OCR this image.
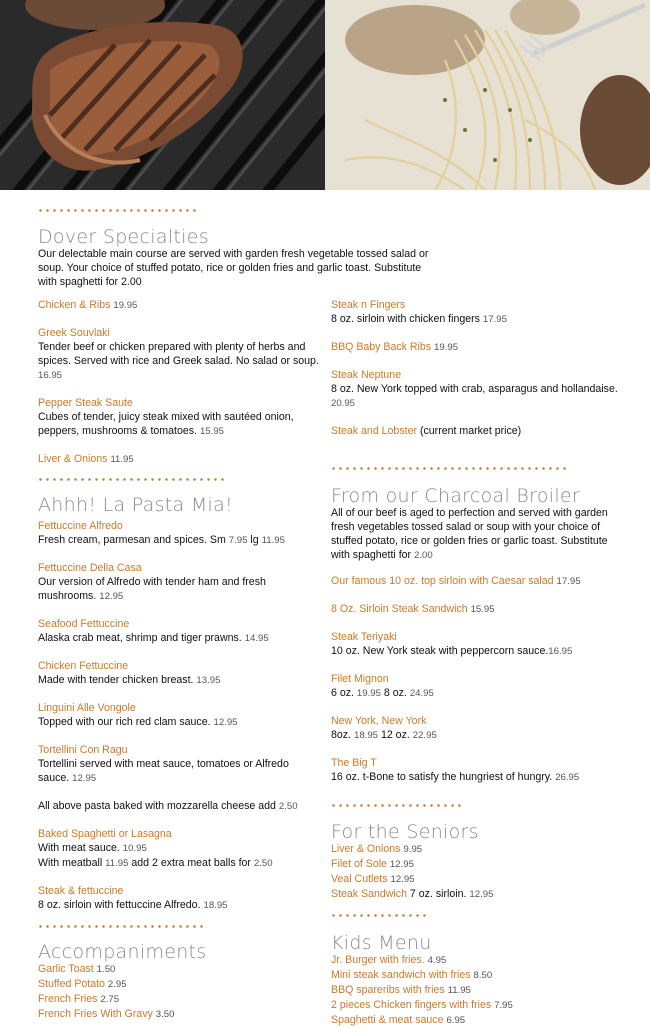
Dover Specialties
Our delectable main course are served with garden fresh vegetable tossed salad or soup. Your choice of stuffed potato, rice or golden fries and garlic toast. Substitute with spaghetti for 2.00
Chicken & Ribs 19.95
Greek Souvlaki
Tender beef or chicken prepared with plenty of herbs and spices. Served with rice and Greek salad. No salad or soup. 16.95
Pepper Steak Saute
Cubes of tender, juicy steak mixed with sautéed onion, peppers, mushrooms & tomatoes. 15.95
Liver & Onions 11.95
Steak n Fingers
8 oz. sirloin with chicken fingers 17.95
BBQ Baby Back Ribs 19.95
Steak Neptune
8 oz. New York topped with crab, asparagus and hollandaise. 20.95
Steak and Lobster (current market price)
Ahhh! La Pasta Mia!
Fettuccine Alfredo
Fresh cream, parmesan and spices. Sm 7.95 lg 11.95
Fettuccine Della Casa
Our version of Alfredo with tender ham and fresh mushrooms. 12.95
Seafood Fettuccine
Alaska crab meat, shrimp and tiger prawns. 14.95
Chicken Fettuccine
Made with tender chicken breast. 13.95
Linguini Alle Vongole
Topped with our rich red clam sauce. 12.95
Tortellini Con Ragu
Tortellini served with meat sauce, tomatoes or Alfredo sauce. 12.95
All above pasta baked with mozzarella cheese add 2.50
Baked Spaghetti or Lasagna
With meat sauce. 10.95
With meatball 11.95 add 2 extra meat balls for 2.50
Steak & fettuccine
8 oz. sirloin with fettuccine Alfredo. 18.95
From our Charcoal Broiler
All of our beef is aged to perfection and served with garden fresh vegetables tossed salad or soup with your choice of stuffed potato, rice or golden fries or garlic toast. Substitute with spaghetti for 2.00
Our famous 10 oz. top sirloin with Caesar salad 17.95
8 Oz. Sirloin Steak Sandwich 15.95
Steak Teriyaki
10 oz. New York steak with peppercorn sauce.16.95
Filet Mignon
6 oz. 19.95 8 oz. 24.95
New York, New York
8oz. 18.95 12 oz. 22.95
The Big T
16 oz. t-Bone to satisfy the hungriest of hungry. 26.95
For the Seniors
Liver & Onions 9.95
Filet of Sole 12.95
Veal Cutlets 12.95
Steak Sandwich 7 oz. sirloin. 12.95
Accompaniments
Garlic Toast 1.50
Stuffed Potato 2.95
French Fries 2.75
French Fries With Gravy 3.50
Kids Menu
Jr. Burger with fries. 4.95
Mini steak sandwich with fries 8.50
BBQ spareribs with fries 11.95
2 pieces Chicken fingers with fries 7.95
Spaghetti & meat sauce 6.95
